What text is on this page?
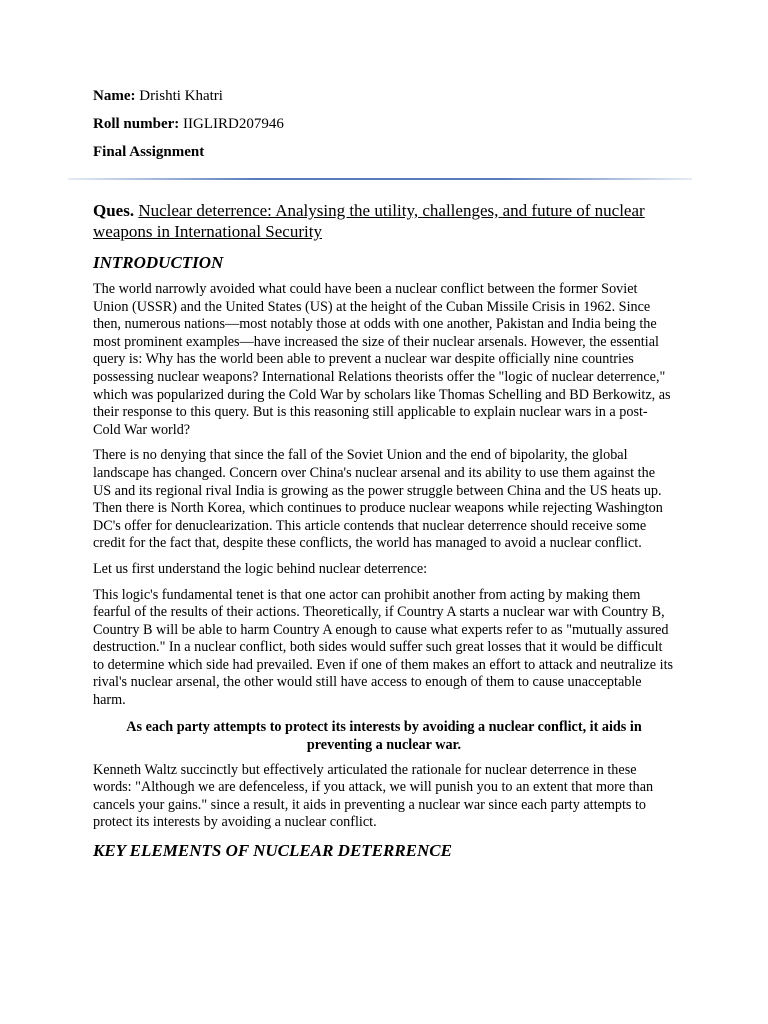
Name: Drishti Khatri

Roll number: IIGLIRD207946

Final Assignment

Ques. Nuclear deterrence: Analysing the utility, challenges, and future of nuclear weapons in International Security
INTRODUCTION

The world narrowly avoided what could have been a nuclear conflict between the former Soviet Union (USSR) and the United States (US) at the height of the Cuban Missile Crisis in 1962. Since then, numerous nations—most notably those at odds with one another, Pakistan and India being the most prominent examples—have increased the size of their nuclear arsenals. However, the essential query is: Why has the world been able to prevent a nuclear war despite officially nine countries possessing nuclear weapons? International Relations theorists offer the "logic of nuclear deterrence," which was popularized during the Cold War by scholars like Thomas Schelling and BD Berkowitz, as their response to this query. But is this reasoning still applicable to explain nuclear wars in a post-Cold War world?

There is no denying that since the fall of the Soviet Union and the end of bipolarity, the global landscape has changed. Concern over China's nuclear arsenal and its ability to use them against the US and its regional rival India is growing as the power struggle between China and the US heats up. Then there is North Korea, which continues to produce nuclear weapons while rejecting Washington DC's offer for denuclearization. This article contends that nuclear deterrence should receive some credit for the fact that, despite these conflicts, the world has managed to avoid a nuclear conflict.

Let us first understand the logic behind nuclear deterrence:

This logic's fundamental tenet is that one actor can prohibit another from acting by making them fearful of the results of their actions. Theoretically, if Country A starts a nuclear war with Country B, Country B will be able to harm Country A enough to cause what experts refer to as "mutually assured destruction." In a nuclear conflict, both sides would suffer such great losses that it would be difficult to determine which side had prevailed. Even if one of them makes an effort to attack and neutralize its rival's nuclear arsenal, the other would still have access to enough of them to cause unacceptable harm.

As each party attempts to protect its interests by avoiding a nuclear conflict, it aids in preventing a nuclear war.

Kenneth Waltz succinctly but effectively articulated the rationale for nuclear deterrence in these words: "Although we are defenceless, if you attack, we will punish you to an extent that more than cancels your gains." since a result, it aids in preventing a nuclear war since each party attempts to protect its interests by avoiding a nuclear conflict.

KEY ELEMENTS OF NUCLEAR DETERRENCE
